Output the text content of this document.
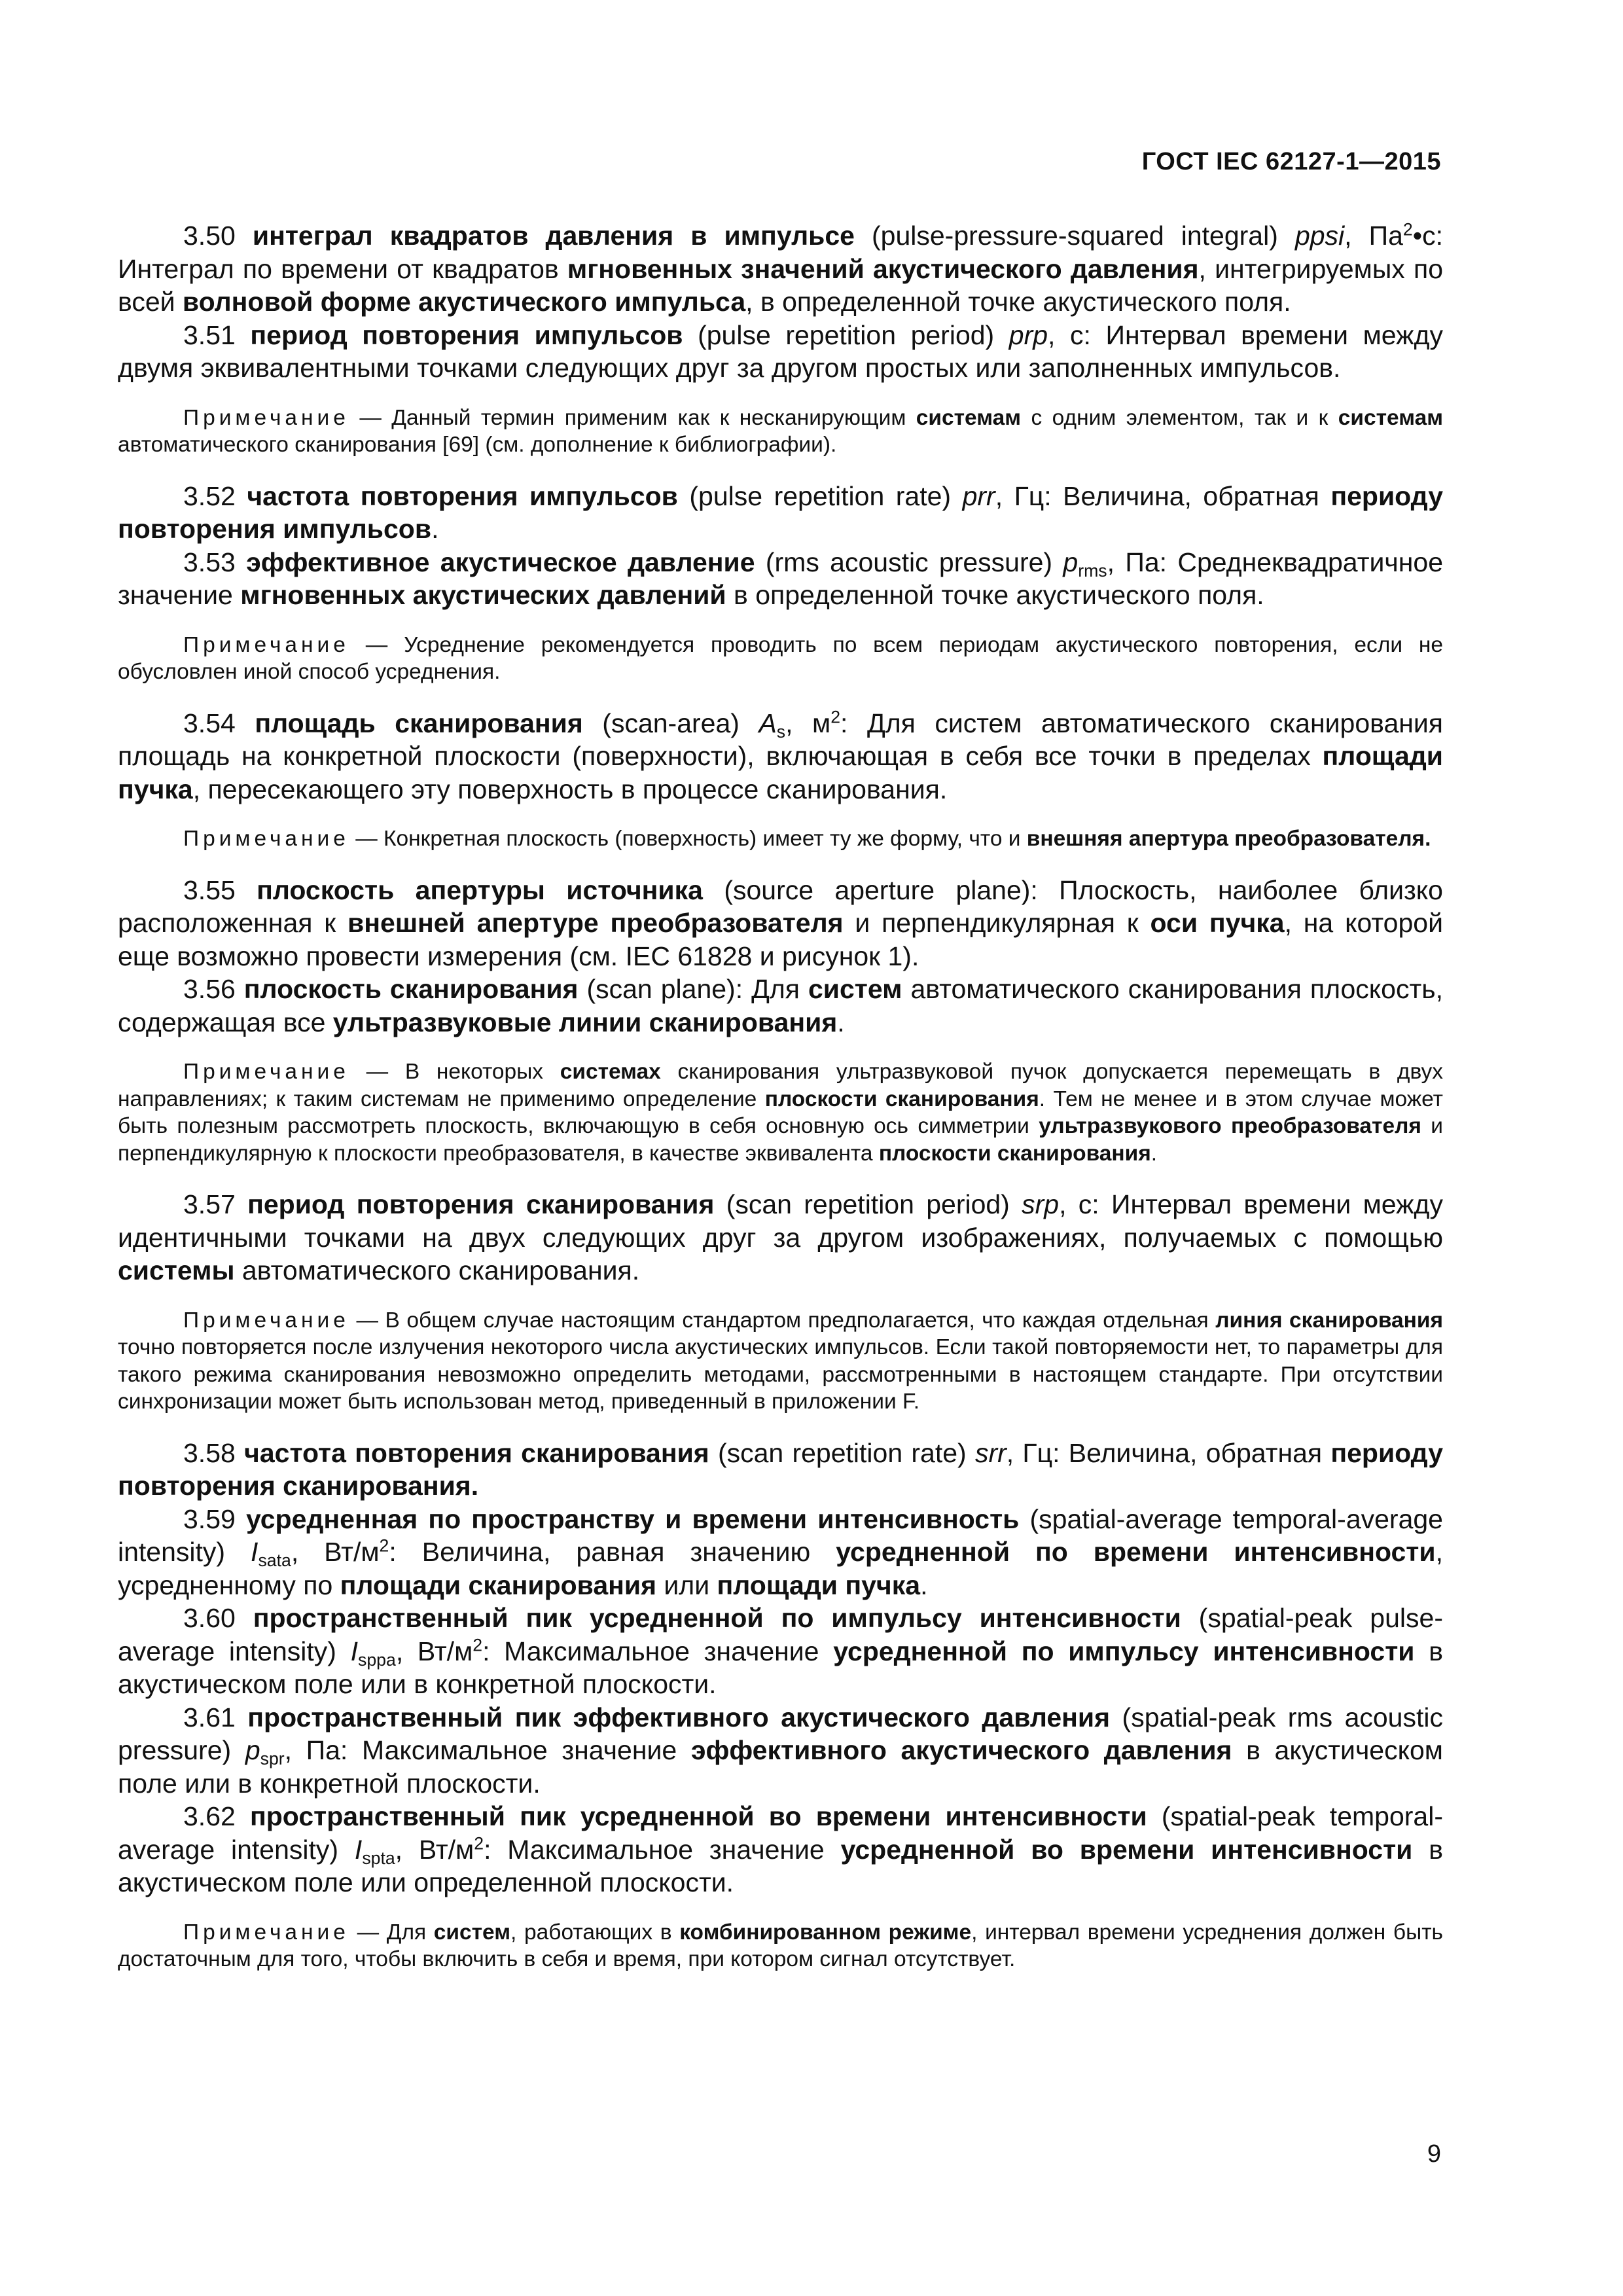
ГОСТ IEC 62127-1—2015

3.50 интеграл квадратов давления в импульсе (pulse-pressure-squared integral) ppsi, $Па^2•с$: Интеграл по времени от квадратов мгновенных значений акустического давления, интегрируемых по всей волновой форме акустического импульса, в определенной точке акустического поля.

3.51 период повторения импульсов (pulse repetition period) prp, с: Интервал времени между двумя эквивалентными точками следующих друг за другом простых или заполненных импульсов.

Примечание — Данный термин применим как к несканирующим системам с одним элементом, так и к системам автоматического сканирования [69] (см. дополнение к библиографии).

3.52 частота повторения импульсов (pulse repetition rate) prr, Гц: Величина, обратная периоду повторения импульсов.

3.53 эффективное акустическое давление (rms acoustic pressure) $p_{rms}$, Па: Среднеквадратичное значение мгновенных акустических давлений в определенной точке акустического поля.

Примечание — Усреднение рекомендуется проводить по всем периодам акустического повторения, если не обусловлен иной способ усреднения.

3.54 площадь сканирования (scan-area) $A_s$, $м^2$: Для систем автоматического сканирования площадь на конкретной плоскости (поверхности), включающая в себя все точки в пределах площади пучка, пересекающего эту поверхность в процессе сканирования.

Примечание — Конкретная плоскость (поверхность) имеет ту же форму, что и внешняя апертура преобразователя.

3.55 плоскость апертуры источника (source aperture plane): Плоскость, наиболее близко расположенная к внешней апертуре преобразователя и перпендикулярная к оси пучка, на которой еще возможно провести измерения (см. IEC 61828 и рисунок 1).

3.56 плоскость сканирования (scan plane): Для систем автоматического сканирования плоскость, содержащая все ультразвуковые линии сканирования.

Примечание — В некоторых системах сканирования ультразвуковой пучок допускается перемещать в двух направлениях; к таким системам не применимо определение плоскости сканирования. Тем не менее и в этом случае может быть полезным рассмотреть плоскость, включающую в себя основную ось симметрии ультразвукового преобразователя и перпендикулярную к плоскости преобразователя, в качестве эквивалента плоскости сканирования.

3.57 период повторения сканирования (scan repetition period) srp, с: Интервал времени между идентичными точками на двух следующих друг за другом изображениях, получаемых с помощью системы автоматического сканирования.

Примечание — В общем случае настоящим стандартом предполагается, что каждая отдельная линия сканирования точно повторяется после излучения некоторого числа акустических импульсов. Если такой повторяемости нет, то параметры для такого режима сканирования невозможно определить методами, рассмотренными в настоящем стандарте. При отсутствии синхронизации может быть использован метод, приведенный в приложении F.

3.58 частота повторения сканирования (scan repetition rate) srr, Гц: Величина, обратная периоду повторения сканирования.

3.59 усредненная по пространству и времени интенсивность (spatial-average temporal-average intensity) $I_{sata}$, $Вт/м^2$: Величина, равная значению усредненной по времени интенсивности, усредненному по площади сканирования или площади пучка.

3.60 пространственный пик усредненной по импульсу интенсивности (spatial-peak pulse-average intensity) $I_{sppa}$, $Вт/м^2$: Максимальное значение усредненной по импульсу интенсивности в акустическом поле или в конкретной плоскости.

3.61 пространственный пик эффективного акустического давления (spatial-peak rms acoustic pressure) $p_{spr}$, Па: Максимальное значение эффективного акустического давления в акустическом поле или в конкретной плоскости.

3.62 пространственный пик усредненной во времени интенсивности (spatial-peak temporal-average intensity) $I_{spta}$, $Вт/м^2$: Максимальное значение усредненной во времени интенсивности в акустическом поле или определенной плоскости.

Примечание — Для систем, работающих в комбинированном режиме, интервал времени усреднения должен быть достаточным для того, чтобы включить в себя и время, при котором сигнал отсутствует.

9
